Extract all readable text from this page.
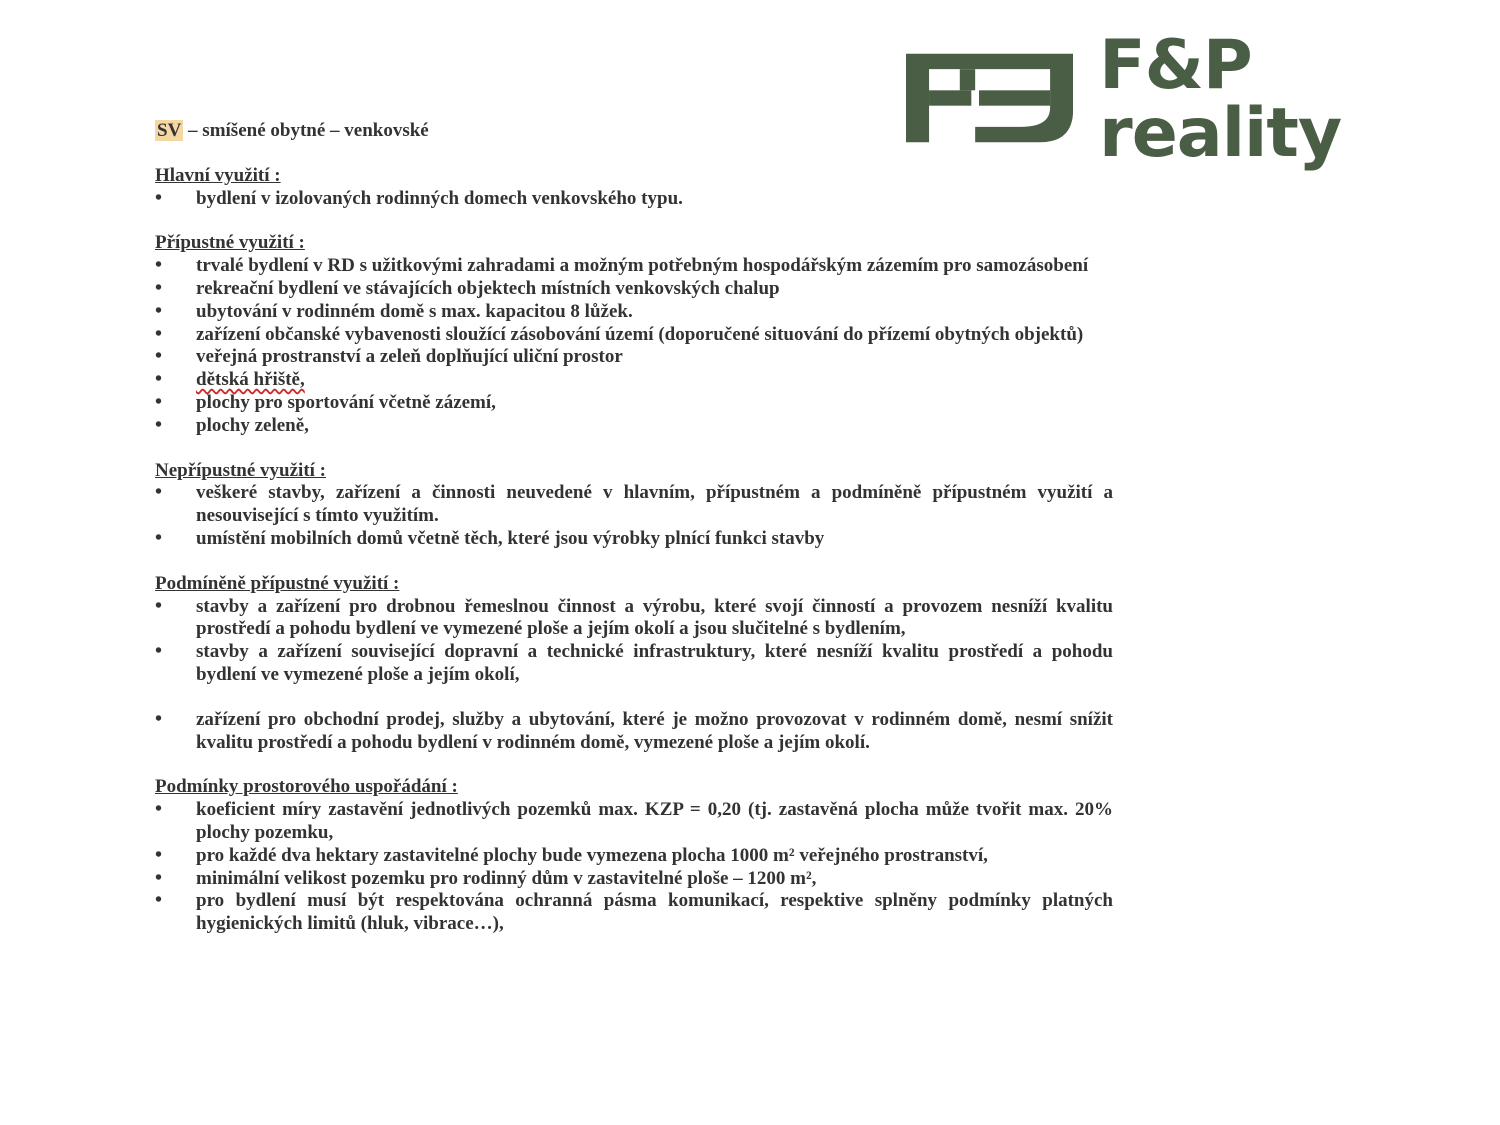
F&P reality
SV – smíšené obytné – venkovské

Hlavní využití :

• bydlení v izolovaných rodinných domech venkovského typu.

Přípustné využití :

• trvalé bydlení v RD s užitkovými zahradami a možným potřebným hospodářským zázemím pro samozásobení
• rekreační bydlení ve stávajících objektech místních venkovských chalup
• ubytování v rodinném domě s max. kapacitou 8 lůžek.
• zařízení občanské vybavenosti sloužící zásobování území (doporučené situování do přízemí obytných objektů)
• veřejná prostranství a zeleň doplňující uliční prostor
• dětská hřiště,
• plochy pro sportování včetně zázemí,
• plochy zeleně,

Nepřípustné využití :

• veškeré stavby, zařízení a činnosti neuvedené v hlavním, přípustném a podmíněně přípustném využití a nesouvisející s tímto využitím.
• umístění mobilních domů včetně těch, které jsou výrobky plnící funkci stavby

Podmíněně přípustné využití :

• stavby a zařízení pro drobnou řemeslnou činnost a výrobu, které svojí činností a provozem nesníží kvalitu prostředí a pohodu bydlení ve vymezené ploše a jejím okolí a jsou slučitelné s bydlením,
• stavby a zařízení související dopravní a technické infrastruktury, které nesníží kvalitu prostředí a pohodu bydlení ve vymezené ploše a jejím okolí,
• zařízení pro obchodní prodej, služby a ubytování, které je možno provozovat v rodinném domě, nesmí snížit kvalitu prostředí a pohodu bydlení v rodinném domě, vymezené ploše a jejím okolí.

Podmínky prostorového uspořádání :

• koeficient míry zastavění jednotlivých pozemků max. KZP = 0,20 (tj. zastavěná plocha může tvořit max. 20% plochy pozemku,
• pro každé dva hektary zastavitelné plochy bude vymezena plocha 1000 m² veřejného prostranství,
• minimální velikost pozemku pro rodinný dům v zastavitelné ploše – 1200 m²,
• pro bydlení musí být respektována ochranná pásma komunikací, respektive splněny podmínky platných hygienických limitů (hluk, vibrace…),
